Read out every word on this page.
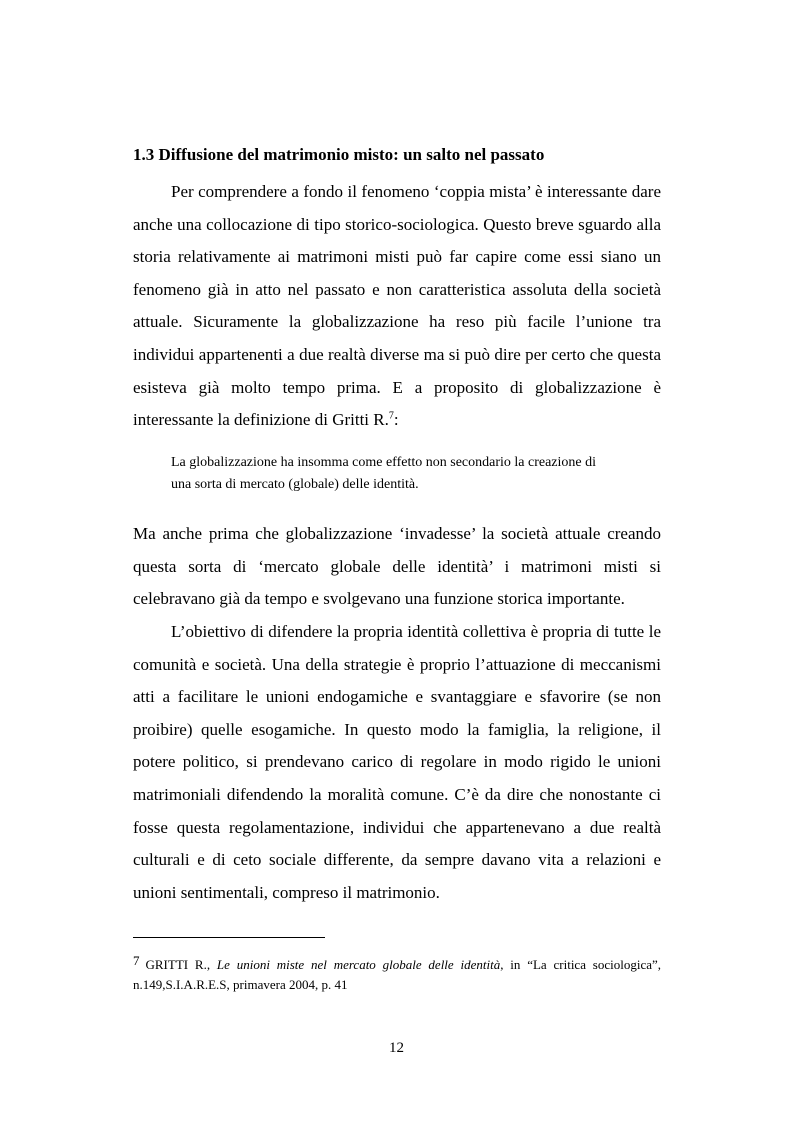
1.3 Diffusione del matrimonio misto: un salto nel passato

Per comprendere a fondo il fenomeno ‘coppia mista’ è interessante dare anche una collocazione di tipo storico-sociologica. Questo breve sguardo alla storia relativamente ai matrimoni misti può far capire come essi siano un fenomeno già in atto nel passato e non caratteristica assoluta della società attuale. Sicuramente la globalizzazione ha reso più facile l’unione tra individui appartenenti a due realtà diverse ma si può dire per certo che questa esisteva già molto tempo prima. E a proposito di globalizzazione è interessante la definizione di Gritti R.$^7$:

La globalizzazione ha insomma come effetto non secondario la creazione di
una sorta di mercato (globale) delle identità.

Ma anche prima che globalizzazione ‘invadesse’ la società attuale creando questa sorta di ‘mercato globale delle identità’ i matrimoni misti si celebravano già da tempo e svolgevano una funzione storica importante.

L’obiettivo di difendere la propria identità collettiva è propria di tutte le comunità e società. Una della strategie è proprio l’attuazione di meccanismi atti a facilitare le unioni endogamiche e svantaggiare e sfavorire (se non proibire) quelle esogamiche. In questo modo la famiglia, la religione, il potere politico, si prendevano carico di regolare in modo rigido le unioni matrimoniali difendendo la moralità comune. C’è da dire che nonostante ci fosse questa regolamentazione, individui che appartenevano a due realtà culturali e di ceto sociale differente, da sempre davano vita a relazioni e unioni sentimentali, compreso il matrimonio.

7 GRITTI R., Le unioni miste nel mercato globale delle identità, in “La critica sociologica”, n.149,S.I.A.R.E.S, primavera 2004, p. 41

12
